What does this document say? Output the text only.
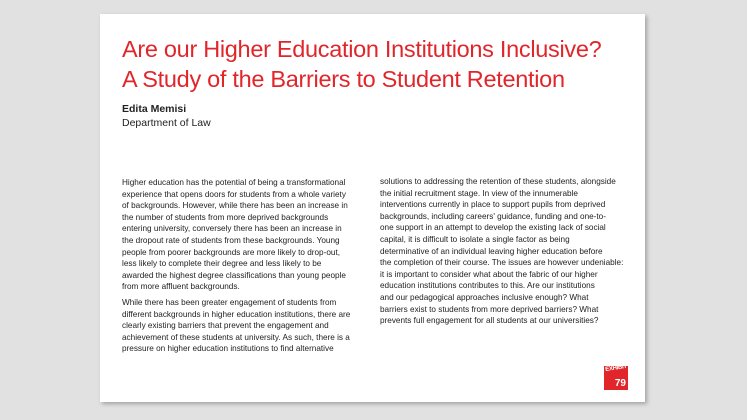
Are our Higher Education Institutions Inclusive?
A Study of the Barriers to Student Retention
Edita Memisi
Department of Law

Higher education has the potential of being a transformational
experience that opens doors for students from a whole variety
of backgrounds. However, while there has been an increase in
the number of students from more deprived backgrounds
entering university, conversely there has been an increase in
the dropout rate of students from these backgrounds. Young
people from poorer backgrounds are more likely to drop-out,
less likely to complete their degree and less likely to be
awarded the highest degree classifications than young people
from more affluent backgrounds.

While there has been greater engagement of students from
different backgrounds in higher education institutions, there are
clearly existing barriers that prevent the engagement and
achievement of these students at university. As such, there is a
pressure on higher education institutions to find alternative

solutions to addressing the retention of these students, alongside
the initial recruitment stage. In view of the innumerable
interventions currently in place to support pupils from deprived
backgrounds, including careers' guidance, funding and one-to-
one support in an attempt to develop the existing lack of social
capital, it is difficult to isolate a single factor as being
determinative of an individual leaving higher education before
the completion of their course. The issues are however undeniable:
it is important to consider what about the fabric of our higher
education institutions contributes to this. Are our institutions
and our pedagogical approaches inclusive enough? What
barriers exist to students from more deprived barriers? What
prevents full engagement for all students at our universities?

EXHIBIT
79
